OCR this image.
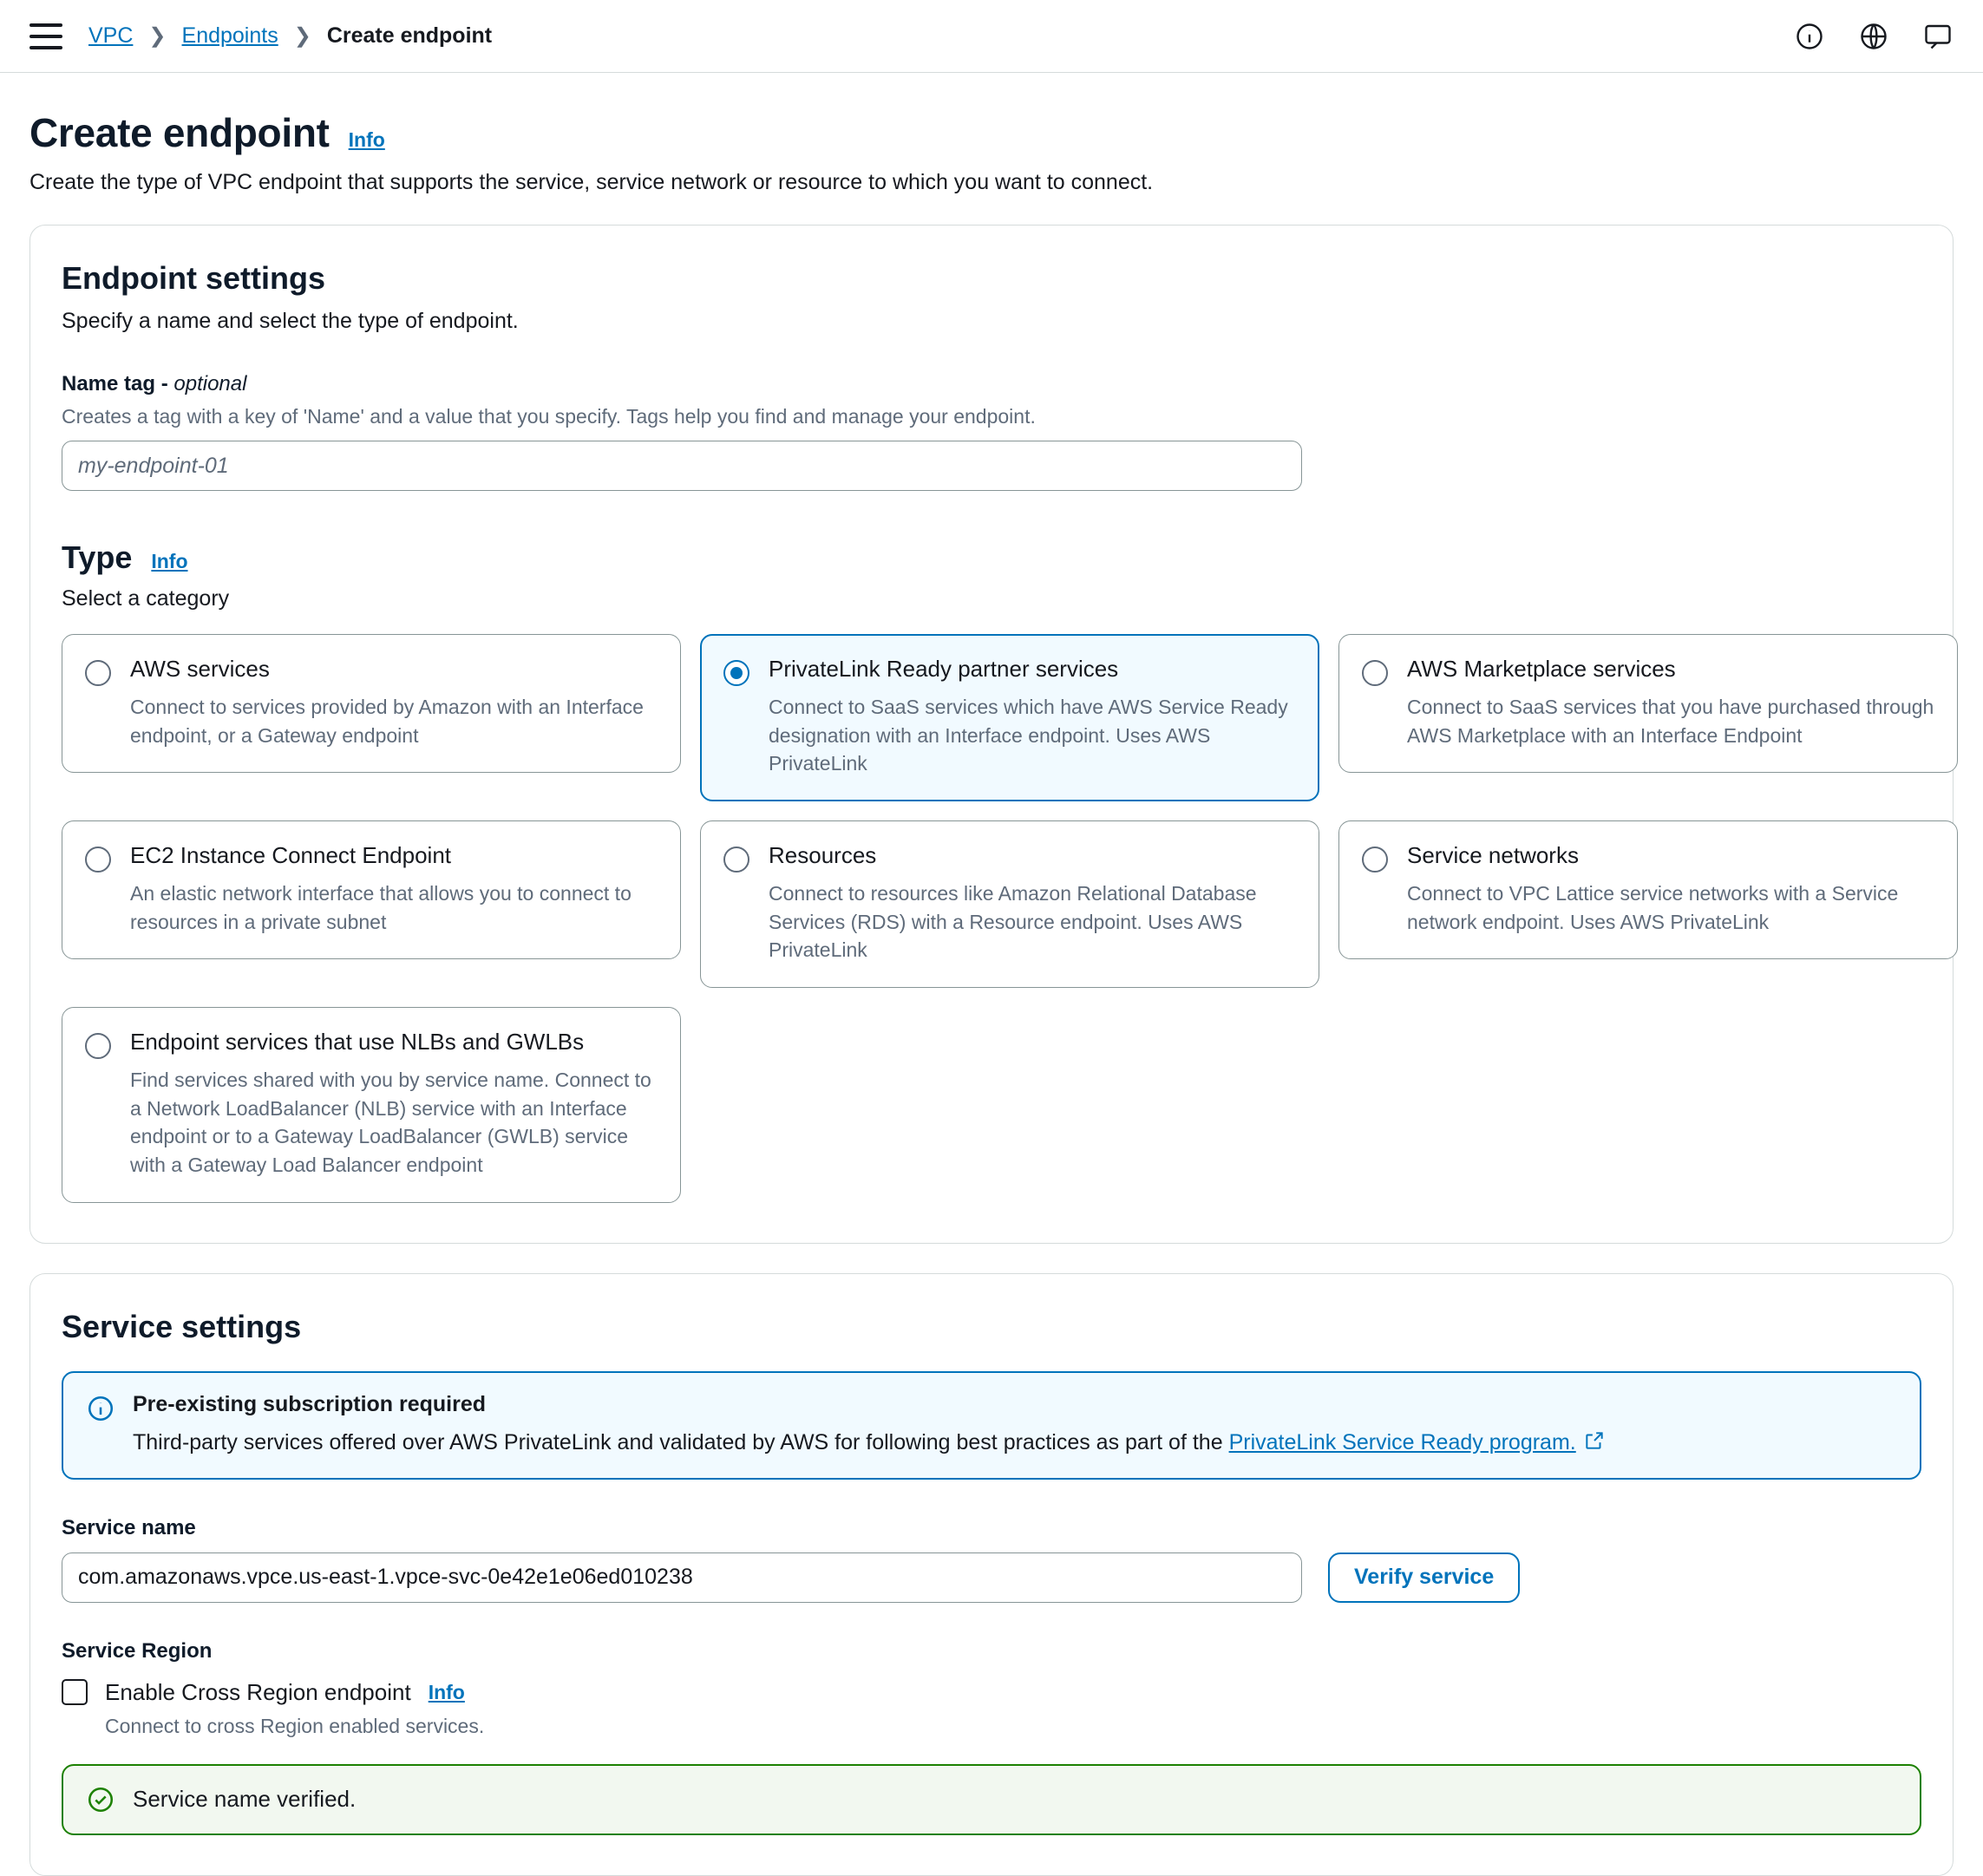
VPC ❯ Endpoints ❯ Create endpoint
Create endpoint Info
Create the type of VPC endpoint that supports the service, service network or resource to which you want to connect.
Endpoint settings
Specify a name and select the type of endpoint.
Name tag - optional
Creates a tag with a key of 'Name' and a value that you specify. Tags help you find and manage your endpoint.
my-endpoint-01
Type Info
Select a category
AWS services
Connect to services provided by Amazon with an Interface endpoint, or a Gateway endpoint
PrivateLink Ready partner services
Connect to SaaS services which have AWS Service Ready designation with an Interface endpoint. Uses AWS PrivateLink
AWS Marketplace services
Connect to SaaS services that you have purchased through AWS Marketplace with an Interface Endpoint
EC2 Instance Connect Endpoint
An elastic network interface that allows you to connect to resources in a private subnet
Resources
Connect to resources like Amazon Relational Database Services (RDS) with a Resource endpoint. Uses AWS PrivateLink
Service networks
Connect to VPC Lattice service networks with a Service network endpoint. Uses AWS PrivateLink
Endpoint services that use NLBs and GWLBs
Find services shared with you by service name. Connect to a Network LoadBalancer (NLB) service with an Interface endpoint or to a Gateway LoadBalancer (GWLB) service with a Gateway Load Balancer endpoint
Service settings
Pre-existing subscription required
Third-party services offered over AWS PrivateLink and validated by AWS for following best practices as part of the PrivateLink Service Ready program.
Service name
com.amazonaws.vpce.us-east-1.vpce-svc-0e42e1e06ed010238
Verify service
Service Region
Enable Cross Region endpoint Info
Connect to cross Region enabled services.
Service name verified.
